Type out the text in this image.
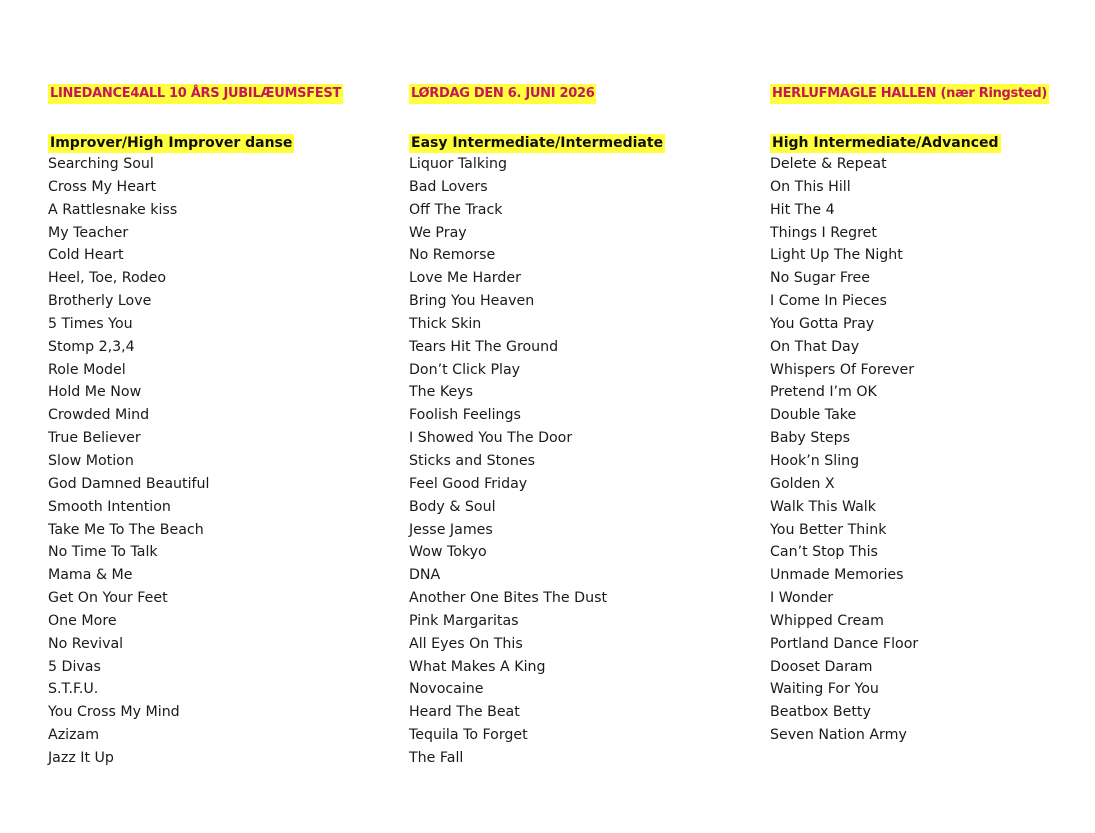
LINEDANCE4ALL 10 ÅRS JUBILÆUMSFEST
Improver/High Improver danse
Searching Soul
Cross My Heart
A Rattlesnake kiss
My Teacher
Cold Heart
Heel, Toe, Rodeo
Brotherly Love
5 Times You
Stomp 2,3,4
Role Model
Hold Me Now
Crowded Mind
True Believer
Slow Motion
God Damned Beautiful
Smooth Intention
Take Me To The Beach
No Time To Talk
Mama & Me
Get On Your Feet
One More
No Revival
5 Divas
S.T.F.U.
You Cross My Mind
Azizam
Jazz It Up
LØRDAG DEN 6. JUNI 2026
Easy Intermediate/Intermediate
Liquor Talking
Bad Lovers
Off The Track
We Pray
No Remorse
Love Me Harder
Bring You Heaven
Thick Skin
Tears Hit The Ground
Don’t Click Play
The Keys
Foolish Feelings
I Showed You The Door
Sticks and Stones
Feel Good Friday
Body & Soul
Jesse James
Wow Tokyo
DNA
Another One Bites The Dust
Pink Margaritas
All Eyes On This
What Makes A King
Novocaine
Heard The Beat
Tequila To Forget
The Fall
HERLUFMAGLE HALLEN (nær Ringsted)
High Intermediate/Advanced
Delete & Repeat
On This Hill
Hit The 4
Things I Regret
Light Up The Night
No Sugar Free
I Come In Pieces
You Gotta Pray
On That Day
Whispers Of Forever
Pretend I’m OK
Double Take
Baby Steps
Hook’n Sling
Golden X
Walk This Walk
You Better Think
Can’t Stop This
Unmade Memories
I Wonder
Whipped Cream
Portland Dance Floor
Dooset Daram
Waiting For You
Beatbox Betty
Seven Nation Army
